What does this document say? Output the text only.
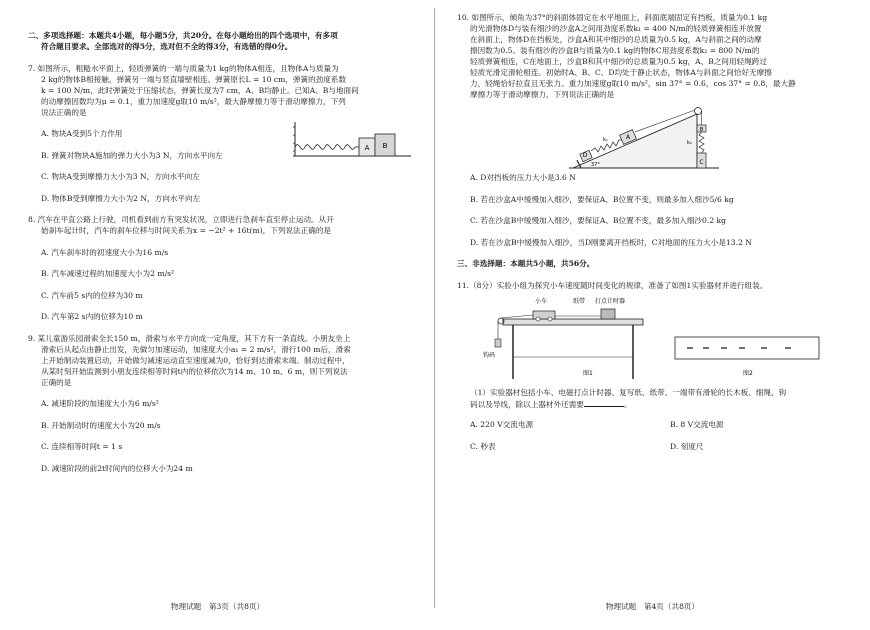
二、多项选择题：本题共4小题，每小题5分，共20分。在每小题给出的四个选项中，有多项
符合题目要求。全部选对的得5分，选对但不全的得3分，有选错的得0分。
7. 如图所示，粗糙水平面上，轻质弹簧的一端与质量为1 kg的物体A相连，且物体A与质量为
2 kg的物体B相接触，弹簧另一端与竖直墙壁相连。弹簧原长L = 10 cm，弹簧的劲度系数
k = 100 N/m，此时弹簧处于压缩状态，弹簧长度为7 cm，A、B均静止。已知A、B与地面间
的动摩擦因数均为μ = 0.1，重力加速度g取10 m/s²，最大静摩擦力等于滑动摩擦力，下列
说法正确的是
A. 物块A受到5个力作用
B. 弹簧对物块A施加的弹力大小为3 N，方向水平向左
C. 物块A受到摩擦力大小为3 N，方向水平向左
D. 物体B受到摩擦力大小为2 N，方向水平向左
A B
8. 汽车在平直公路上行驶，司机看到前方有突发状况，立即进行急刹车直至停止运动。从开
始刹车起计时，汽车的刹车位移与时间关系为x = −2t² + 16t(m)，下列说法正确的是
A. 汽车刹车时的初速度大小为16 m/s
B. 汽车减速过程的加速度大小为2 m/s²
C. 汽车前5 s内的位移为30 m
D. 汽车第2 s内的位移为10 m
9. 某儿童游乐园滑索全长150 m，滑索与水平方向成一定角度，其下方有一条直线。小朋友坐上
滑索后从起点由静止出发，先做匀加速运动，加速度大小a₁ = 2 m/s²，滑行100 m后，滑索
上开始制动装置启动，开始做匀减速运动直至速度减为0，恰好到达滑索末端。制动过程中，
从某时刻开始监测到小朋友连续相等时间t内的位移依次为14 m、10 m、6 m，则下列说法
正确的是
A. 减速阶段的加速度大小为6 m/s²
B. 开始制动时的速度大小为20 m/s
C. 连续相等时间t = 1 s
D. 减速阶段的前2t时间内的位移大小为24 m
物理试题　第3页（共8页）
10. 如图所示，倾角为37°的斜面体固定在水平地面上，斜面底端固定有挡板，质量为0.1 kg
的光滑物体D与装有细沙的沙盒A之间用劲度系数k₁ = 400 N/m的轻质弹簧相连并放置
在斜面上，物体D在挡板处，沙盒A和其中细沙的总质量为0.5 kg，A与斜面之间的动摩
擦因数为0.5。装有细沙的沙盒B与质量为0.1 kg的物体C用劲度系数k₂ = 800 N/m的
轻质弹簧相连，C在地面上，沙盒B和其中细沙的总质量为0.5 kg，A、B之间用轻绳跨过
轻质光滑定滑轮相连。初始时A、B、C、D均处于静止状态，物体A与斜面之间恰好无摩擦
力，轻绳恰好拉直且无张力。重力加速度g取10 m/s²，sin 37° = 0.6，cos 37° = 0.8，最大静
摩擦力等于滑动摩擦力，下列说法正确的是
D
A
B
C
k₁	k₂
37°
A. D对挡板的压力大小是3.6 N
B. 若在沙盒A中缓慢加入细沙，要保证A、B位置不变，则最多加入细沙5/6 kg
C. 若在沙盒B中缓慢加入细沙，要保证A、B位置不变，最多加入细沙0.2 kg
D. 若在沙盒B中缓慢加入细沙，当D刚要离开挡板时，C对地面的压力大小是13.2 N
三、非选择题：本题共5小题，共56分。
11.（8分）实验小组为探究小车速度随时间变化的规律，准备了如图1实验器材并进行组装。
小车	纸带 打点计时器
钩码
图1	图2
（1）实验器材包括小车、电磁打点计时器、复写纸、纸带、一端带有滑轮的长木板、细绳、钩
码以及导线，除以上器材外还需要	。
A. 220 V交流电源	B. 8 V交流电源
C. 秒表	D. 刻度尺
物理试题　第4页（共8页）
